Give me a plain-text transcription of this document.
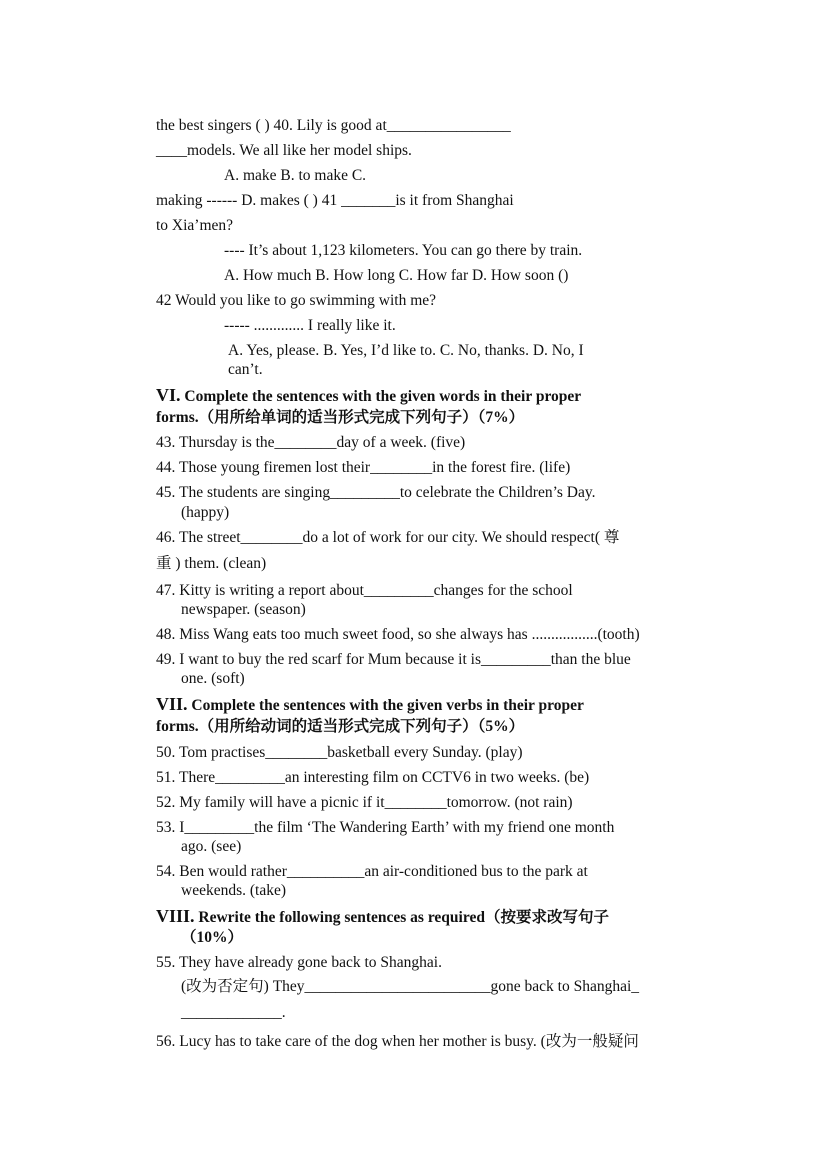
the best singers ( ) 40. Lily is good at________________
____models. We all like her model ships.
A. make B. to make C.
making ------ D. makes ( ) 41 _______is it from Shanghai
to Xia’men?
---- It’s about 1,123 kilometers. You can go there by train.
A. How much B. How long C. How far D. How soon ()
42 Would you like to go swimming with me?
----- ............. I really like it.
A. Yes, please. B. Yes, I’d like to. C. No, thanks. D. No, I
can’t.
VI. Complete the sentences with the given words in their proper
forms.（用所给单词的适当形式完成下列句子）（7%）
43. Thursday is the________day of a week. (five)
44. Those young firemen lost their________in the forest fire. (life)
45. The students are singing_________to celebrate the Children’s Day.
(happy)
46. The street________do a lot of work for our city. We should respect( 尊
重 ) them. (clean)
47. Kitty is writing a report about_________changes for the school
newspaper. (season)
48. Miss Wang eats too much sweet food, so she always has .................(tooth)
49. I want to buy the red scarf for Mum because it is_________than the blue
one. (soft)
VII. Complete the sentences with the given verbs in their proper
forms.（用所给动词的适当形式完成下列句子）（5%）
50. Tom practises________basketball every Sunday. (play)
51. There_________an interesting film on CCTV6 in two weeks. (be)
52. My family will have a picnic if it________tomorrow. (not rain)
53. I_________the film ‘The Wandering Earth’ with my friend one month
ago. (see)
54. Ben would rather__________an air-conditioned bus to the park at
weekends. (take)
VIII. Rewrite the following sentences as required（按要求改写句子
（10%）
55. They have already gone back to Shanghai.
(改为否定句) They________________________gone back to Shanghai_
_____________.
56. Lucy has to take care of the dog when her mother is busy. (改为一般疑问
